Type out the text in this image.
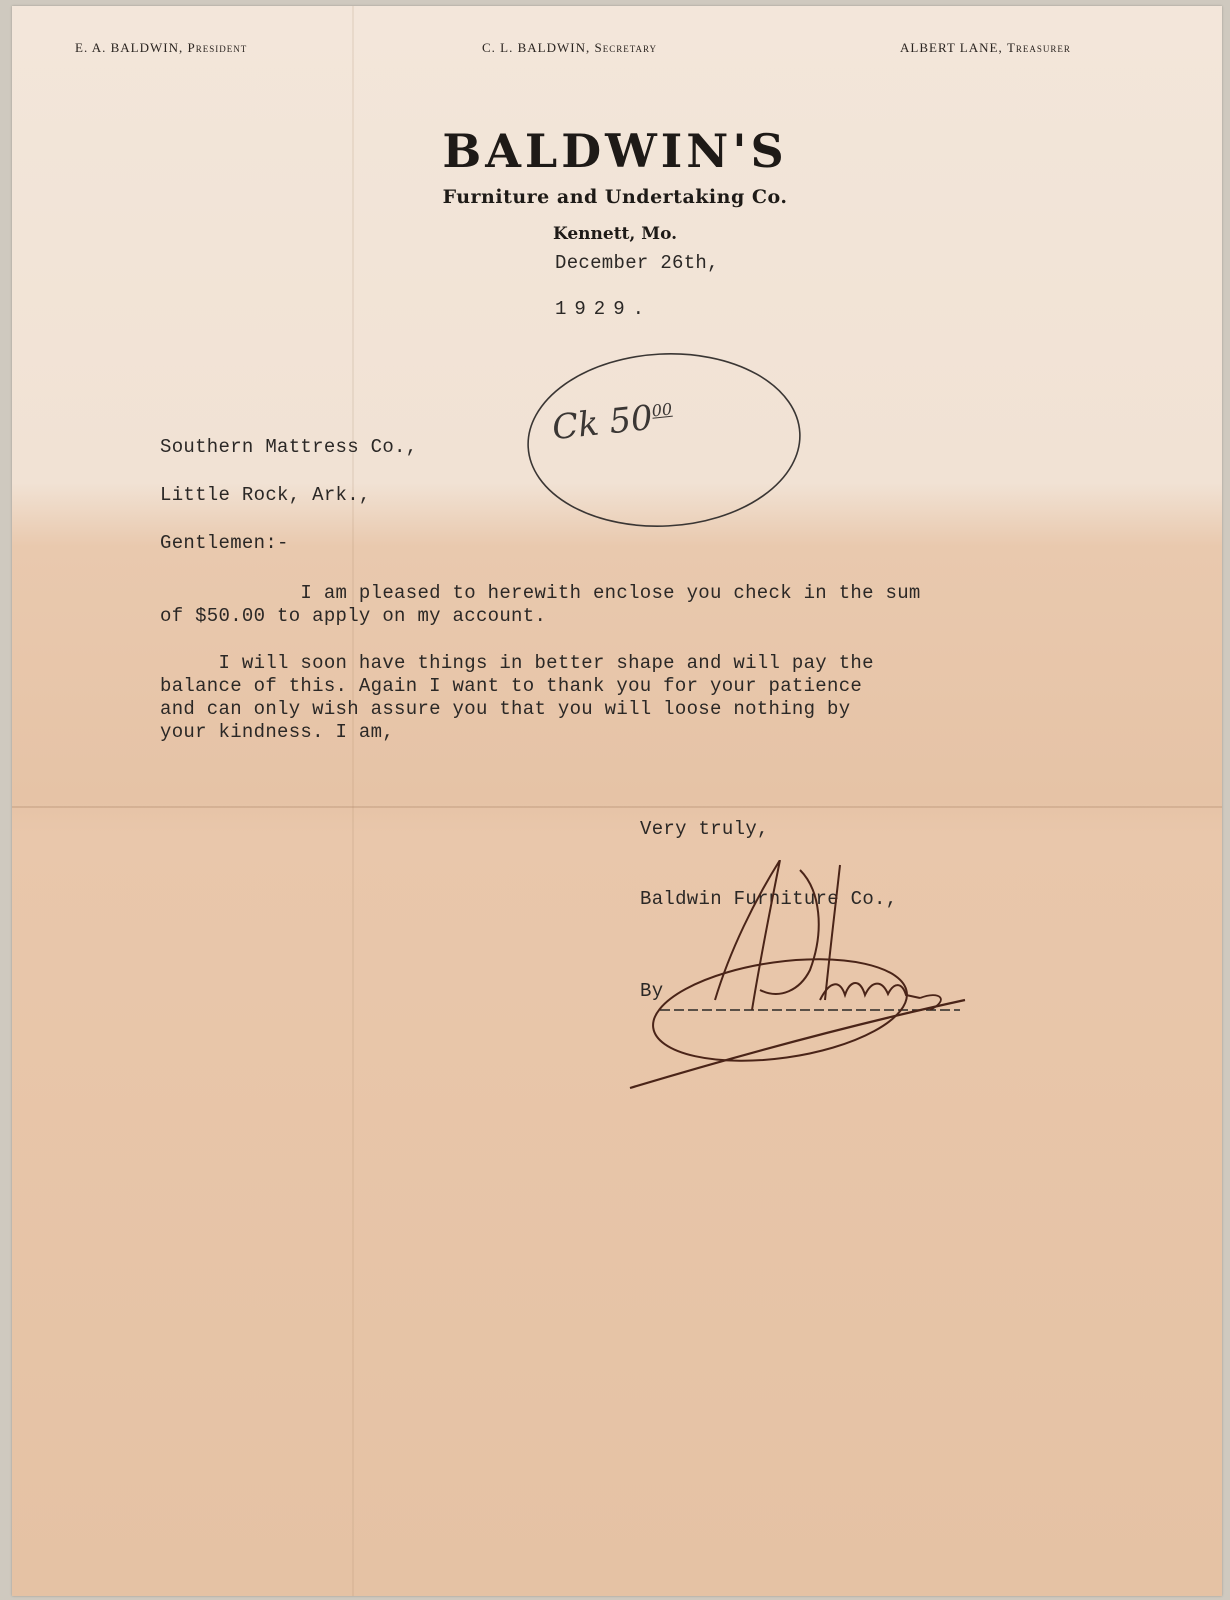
E. A. BALDWIN, President	C. L. BALDWIN, Secretary	ALBERT LANE, Treasurer
BALDWIN'S
Furniture and Undertaking Co.
Kennett, Mo.
December 26th,
1929.
Ck $50^{00}$
Southern Mattress Co.,
Little Rock, Ark.,
Gentlemen:-
I am pleased to herewith enclose you check in the sum
of $50.00 to apply on my account.
I will soon have things in better shape and will pay the
balance of this. Again I want to thank you for your patience
and can only wish assure you that you will loose nothing by
your kindness. I am,
Very truly,
Baldwin Furniture Co.,
By
